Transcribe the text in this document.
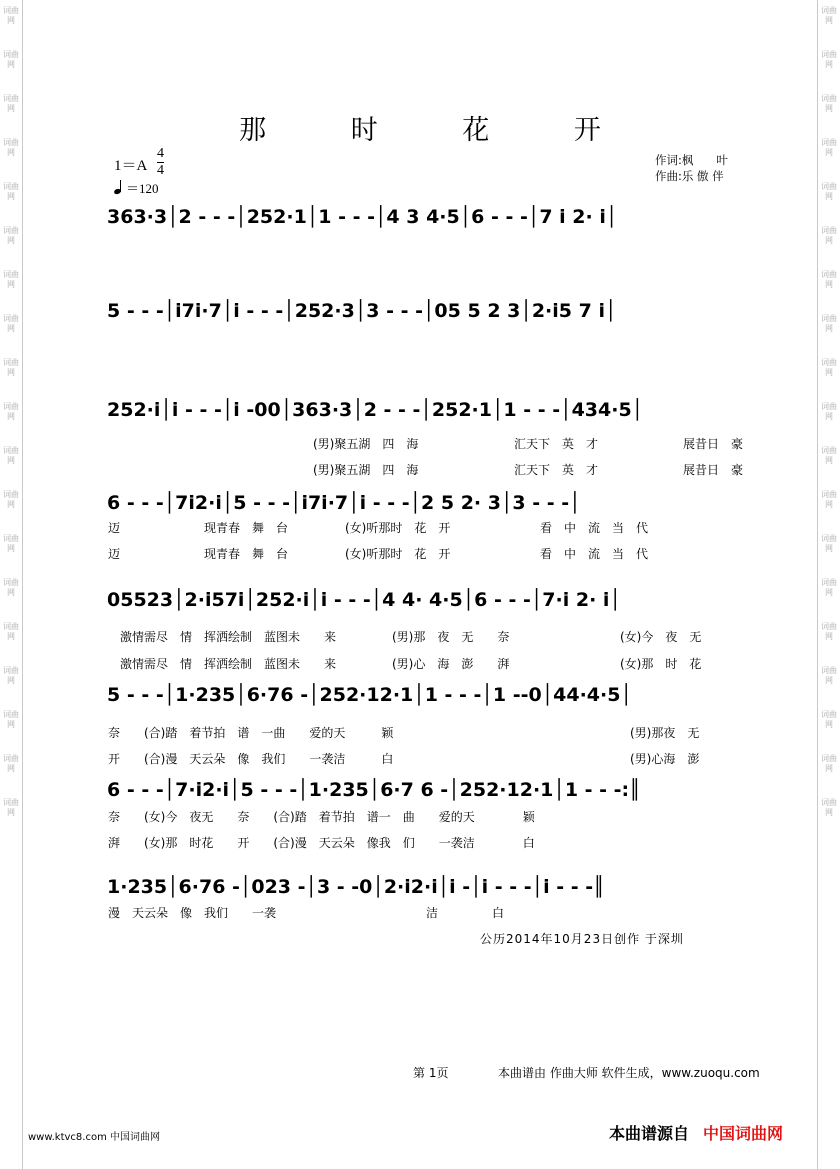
词曲网
词曲网
词曲网
词曲网
词曲网
词曲网
词曲网
词曲网
词曲网
词曲网
词曲网
词曲网
词曲网
词曲网
词曲网
词曲网
词曲网
词曲网
词曲网
词曲网
词曲网
词曲网
词曲网
词曲网
词曲网
词曲网
词曲网
词曲网
词曲网
词曲网
词曲网
词曲网
词曲网
词曲网
词曲网
词曲网
词曲网
词曲网
那 时 花 开
1＝A
4
4
＝120
作词:枫　　叶
作曲:乐 傲 伴
363·3│2 - - -│252·1│1 - - -│4 3 4·5│6 - - -│7 i 2· i│
5 - - -│i7i·7│i - - -│252·3│3 - - -│05 5 2 3│2·i5 7 i│
252·i│i - - -│i -00│363·3│2 - - -│252·1│1 - - -│434·5│
6 - - -│7i2·i│5 - - -│i7i·7│i - - -│2 5 2· 3│3 - - -│
05523│2·i57i│252·i│i - - -│4 4· 4·5│6 - - -│7·i 2· i│
5 - - -│1·235│6·76 -│252·12·1│1 - - -│1 --0│44·4·5│
6 - - -│7·i2·i│5 - - -│1·235│6·7 6 -│252·12·1│1 - - -:║
1·235│6·76 -│023 -│3 - -0│2·i2·i│i -│i - - -│i - - -║
(男)聚五湖　四　海	汇天下　英　才	展昔日　豪
(男)聚五湖　四　海	汇天下　英　才	展昔日　豪
迈	现青春　舞　台	(女)听那时　花　开	看　中　流　当　代
迈	现青春　舞　台	(女)听那时　花　开	看　中　流　当　代
激情需尽　情　挥洒绘制　蓝图未　　来	(男)那　夜　无　　奈	(女)今　夜　无
激情需尽　情　挥洒绘制　蓝图未　　来	(男)心　海　澎　　湃	(女)那　时　花
奈　　(合)踏　着节拍　谱　一曲　　爱的天　　　颖	(男)那夜　无
开　　(合)漫　天云朵　像　我们　　一袭洁　　　白	(男)心海　澎
奈　　(女)今　夜无　　奈　　(合)踏　着节拍　谱一　曲　　爱的天　　　　颖
湃　　(女)那　时花　　开　　(合)漫　天云朵　像我　们　　一袭洁　　　　白
漫　天云朵　像　我们　　一袭	洁	白
公历2014年10月23日创作 于深圳
第 1页	本曲谱由 作曲大师 软件生成，www.zuoqu.com
www.ktvc8.com 中国词曲网	本曲谱源自 中国词曲网
